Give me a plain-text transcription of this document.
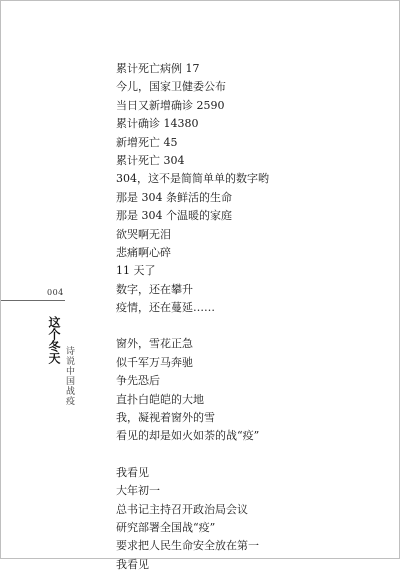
累计死亡病例 17
今儿，国家卫健委公布
当日又新增确诊 2590
累计确诊 14380
新增死亡 45
累计死亡 304
304，这不是简简单单的数字哟
那是 304 条鲜活的生命
那是 304 个温暖的家庭
欲哭啊无泪
悲痛啊心碎
11 天了
数字，还在攀升
疫情，还在蔓延……
窗外，雪花正急
似千军万马奔驰
争先恐后
直扑白皑皑的大地
我，凝视着窗外的雪
看见的却是如火如荼的战“疫”
我看见
大年初一
总书记主持召开政治局会议
研究部署全国战“疫”
要求把人民生命安全放在第一
我看见
004
这个冬天
诗说中国战疫
